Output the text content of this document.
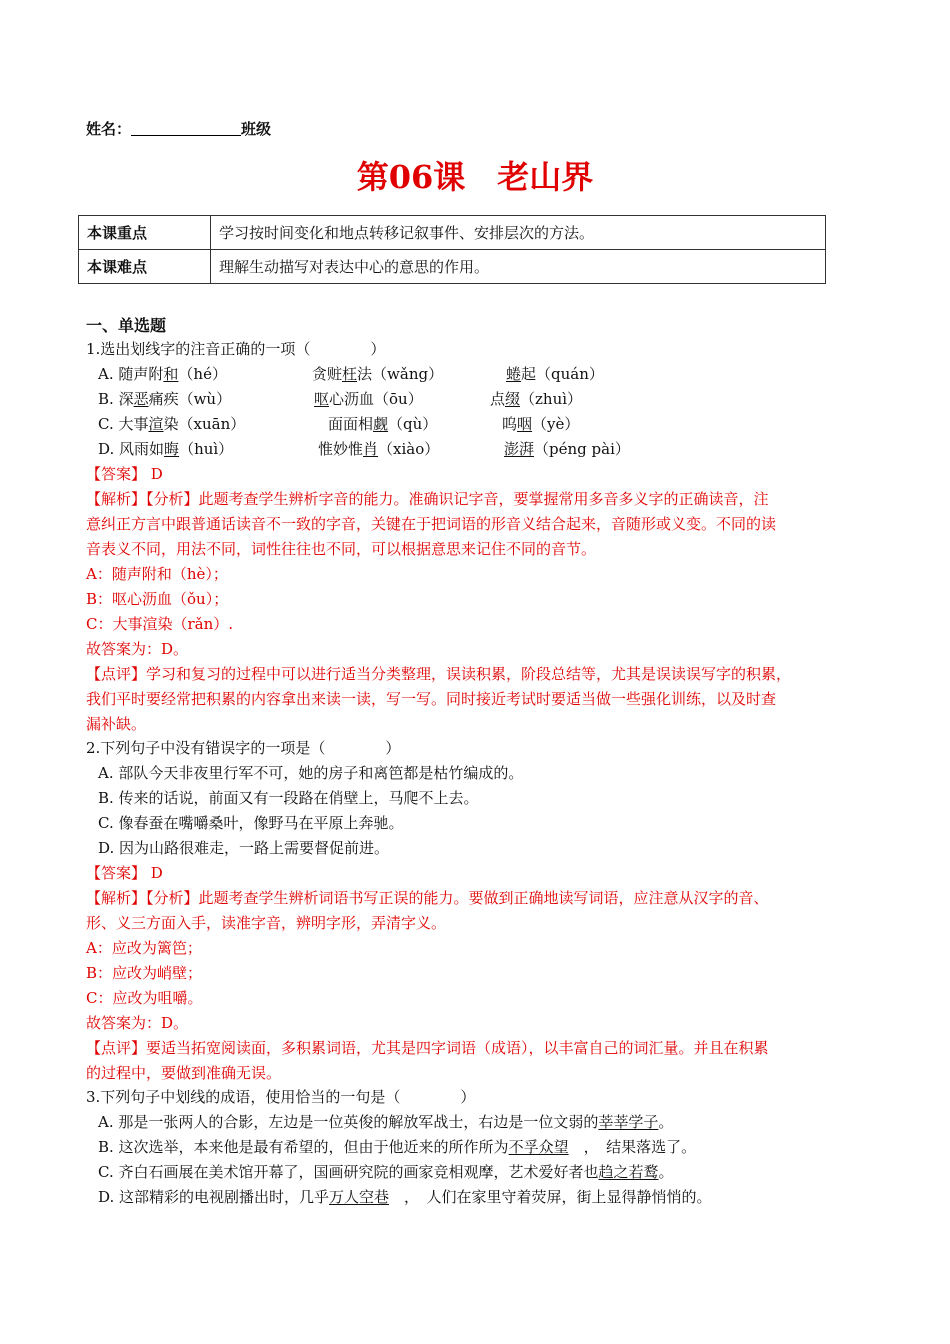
姓名：	班级
第06课　老山界
本课重点	学习按时间变化和地点转移记叙事件、安排层次的方法。
本课难点	理解生动描写对表达中心的意思的作用。
一、单选题
1.选出划线字的注音正确的一项（　　　　）
A. 随声附和（hé）	贪赃枉法（wǎng）	蜷起（quán）
B. 深恶痛疾（wù）	呕心沥血（ōu）	点缀（zhuì）
C. 大事渲染（xuān）	面面相觑（qù）	呜咽（yè）
D. 风雨如晦（huì）	惟妙惟肖（xiào）	澎湃（péng pài）
【答案】 D
【解析】【分析】此题考查学生辨析字音的能力。准确识记字音，要掌握常用多音多义字的正确读音，注
意纠正方言中跟普通话读音不一致的字音，关键在于把词语的形音义结合起来，音随形或义变。不同的读
音表义不同，用法不同，词性往往也不同，可以根据意思来记住不同的音节。
A：随声附和（hè）；
B：呕心沥血（ǒu）；
C：大事渲染（rǎn）.
故答案为：D。
【点评】学习和复习的过程中可以进行适当分类整理，误读积累，阶段总结等，尤其是误读误写字的积累，
我们平时要经常把积累的内容拿出来读一读，写一写。同时接近考试时要适当做一些强化训练，以及时查
漏补缺。
2.下列句子中没有错误字的一项是（　　　　）
A. 部队今天非夜里行军不可，她的房子和离笆都是枯竹编成的。
B. 传来的话说，前面又有一段路在俏壁上，马爬不上去。
C. 像春蚕在嘴嚼桑叶，像野马在平原上奔驰。
D. 因为山路很难走，一路上需要督促前进。
【答案】 D
【解析】【分析】此题考查学生辨析词语书写正误的能力。要做到正确地读写词语，应注意从汉字的音、
形、义三方面入手，读准字音，辨明字形，弄清字义。
A：应改为篱笆；
B：应改为峭壁；
C：应改为咀嚼。
故答案为：D。
【点评】要适当拓宽阅读面，多积累词语，尤其是四字词语（成语），以丰富自己的词汇量。并且在积累
的过程中，要做到准确无误。
3.下列句子中划线的成语，使用恰当的一句是（　　　　）
A. 那是一张两人的合影，左边是一位英俊的解放军战士，右边是一位文弱的莘莘学子。
B. 这次选举，本来他是最有希望的，但由于他近来的所作所为不孚众望　，　结果落选了。
C. 齐白石画展在美术馆开幕了，国画研究院的画家竞相观摩，艺术爱好者也趋之若鹜。
D. 这部精彩的电视剧播出时，几乎万人空巷　，　人们在家里守着荧屏，街上显得静悄悄的。
